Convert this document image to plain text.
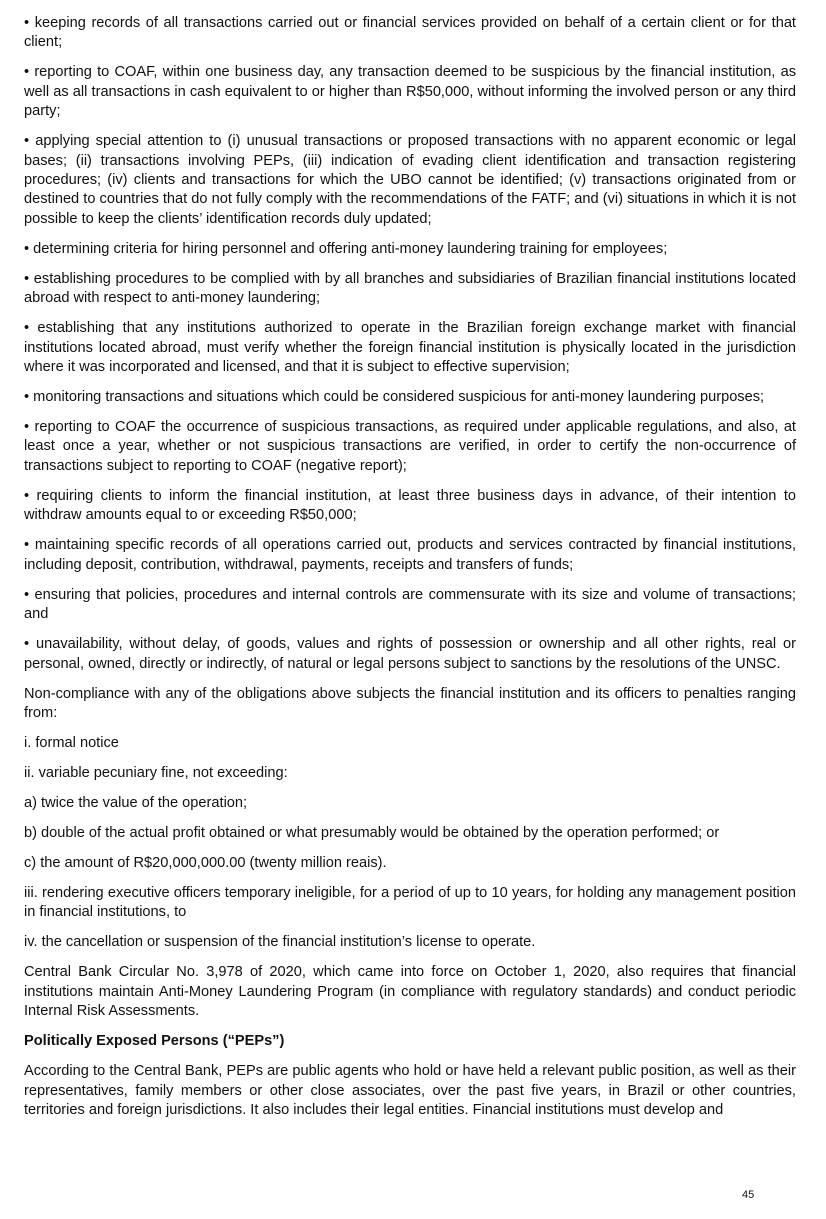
• keeping records of all transactions carried out or financial services provided on behalf of a certain client or for that client;

• reporting to COAF, within one business day, any transaction deemed to be suspicious by the financial institution, as well as all transactions in cash equivalent to or higher than R$50,000, without informing the involved person or any third party;

• applying special attention to (i) unusual transactions or proposed transactions with no apparent economic or legal bases; (ii) transactions involving PEPs, (iii) indication of evading client identification and transaction registering procedures; (iv) clients and transactions for which the UBO cannot be identified; (v) transactions originated from or destined to countries that do not fully comply with the recommendations of the FATF; and (vi) situations in which it is not possible to keep the clients’ identification records duly updated;

• determining criteria for hiring personnel and offering anti-money laundering training for employees;

• establishing procedures to be complied with by all branches and subsidiaries of Brazilian financial institutions located abroad with respect to anti-money laundering;

• establishing that any institutions authorized to operate in the Brazilian foreign exchange market with financial institutions located abroad, must verify whether the foreign financial institution is physically located in the jurisdiction where it was incorporated and licensed, and that it is subject to effective supervision;

• monitoring transactions and situations which could be considered suspicious for anti-money laundering purposes;

• reporting to COAF the occurrence of suspicious transactions, as required under applicable regulations, and also, at least once a year, whether or not suspicious transactions are verified, in order to certify the non-occurrence of transactions subject to reporting to COAF (negative report);

• requiring clients to inform the financial institution, at least three business days in advance, of their intention to withdraw amounts equal to or exceeding R$50,000;

• maintaining specific records of all operations carried out, products and services contracted by financial institutions, including deposit, contribution, withdrawal, payments, receipts and transfers of funds;

• ensuring that policies, procedures and internal controls are commensurate with its size and volume of transactions; and

• unavailability, without delay, of goods, values and rights of possession or ownership and all other rights, real or personal, owned, directly or indirectly, of natural or legal persons subject to sanctions by the resolutions of the UNSC.

Non-compliance with any of the obligations above subjects the financial institution and its officers to penalties ranging from:

i. formal notice

ii. variable pecuniary fine, not exceeding:

a) twice the value of the operation;

b) double of the actual profit obtained or what presumably would be obtained by the operation performed; or

c) the amount of R$20,000,000.00 (twenty million reais).

iii. rendering executive officers temporary ineligible, for a period of up to 10 years, for holding any management position in financial institutions, to

iv. the cancellation or suspension of the financial institution’s license to operate.

Central Bank Circular No. 3,978 of 2020, which came into force on October 1, 2020, also requires that financial institutions maintain Anti-Money Laundering Program (in compliance with regulatory standards) and conduct periodic Internal Risk Assessments.

Politically Exposed Persons (“PEPs”)

According to the Central Bank, PEPs are public agents who hold or have held a relevant public position, as well as their representatives, family members or other close associates, over the past five years, in Brazil or other countries, territories and foreign jurisdictions. It also includes their legal entities. Financial institutions must develop and

45
